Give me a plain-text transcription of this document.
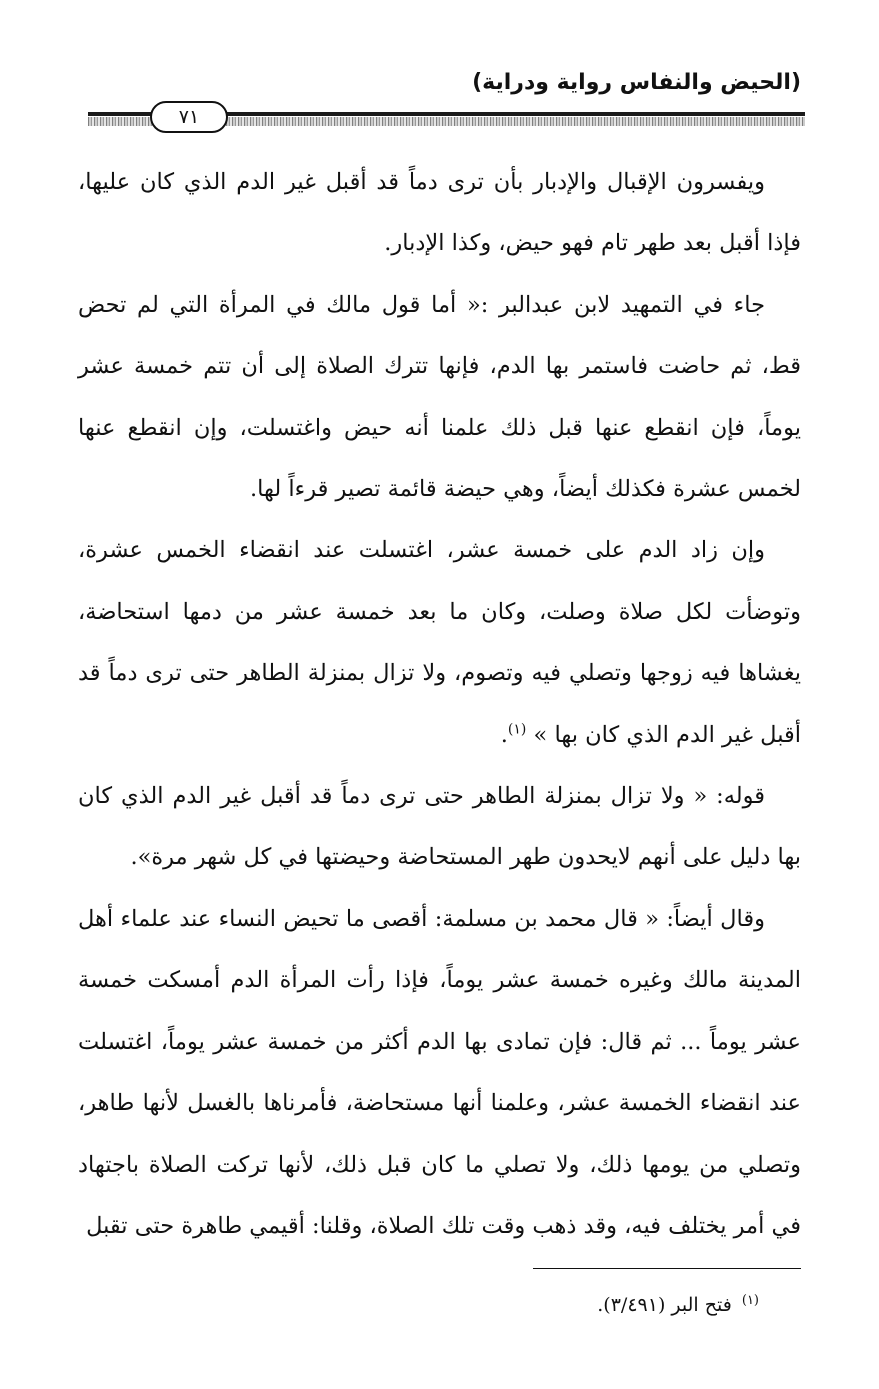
(الحيض والنفاس رواية ودراية)
٧١

ويفسرون الإقبال والإدبار بأن ترى دماً قد أقبل غير الدم الذي كان عليها، فإذا أقبل بعد طهر تام فهو حيض، وكذا الإدبار.

جاء في التمهيد لابن عبدالبر :« أما قول مالك في المرأة التي لم تحض قط، ثم حاضت فاستمر بها الدم، فإنها تترك الصلاة إلى أن تتم خمسة عشر يوماً، فإن انقطع عنها قبل ذلك علمنا أنه حيض واغتسلت، وإن انقطع عنها لخمس عشرة فكذلك أيضاً، وهي حيضة قائمة تصير قرءاً لها.

وإن زاد الدم على خمسة عشر، اغتسلت عند انقضاء الخمس عشرة، وتوضأت لكل صلاة وصلت، وكان ما بعد خمسة عشر من دمها استحاضة، يغشاها فيه زوجها وتصلي فيه وتصوم، ولا تزال بمنزلة الطاهر حتى ترى دماً قد أقبل غير الدم الذي كان بها » $^{(١)}$.

قوله: « ولا تزال بمنزلة الطاهر حتى ترى دماً قد أقبل غير الدم الذي كان بها دليل على أنهم لايحدون طهر المستحاضة وحيضتها في كل شهر مرة».

وقال أيضاً: « قال محمد بن مسلمة: أقصى ما تحيض النساء عند علماء أهل المدينة مالك وغيره خمسة عشر يوماً، فإذا رأت المرأة الدم أمسكت خمسة عشر يوماً ... ثم قال: فإن تمادى بها الدم أكثر من خمسة عشر يوماً، اغتسلت عند انقضاء الخمسة عشر، وعلمنا أنها مستحاضة، فأمرناها بالغسل لأنها طاهر، وتصلي من يومها ذلك، ولا تصلي ما كان قبل ذلك، لأنها تركت الصلاة باجتهاد في أمر يختلف فيه، وقد ذهب وقت تلك الصلاة، وقلنا: أقيمي طاهرة حتى تقبل

$^{(١)}$ فتح البر (٣/٤٩١).
